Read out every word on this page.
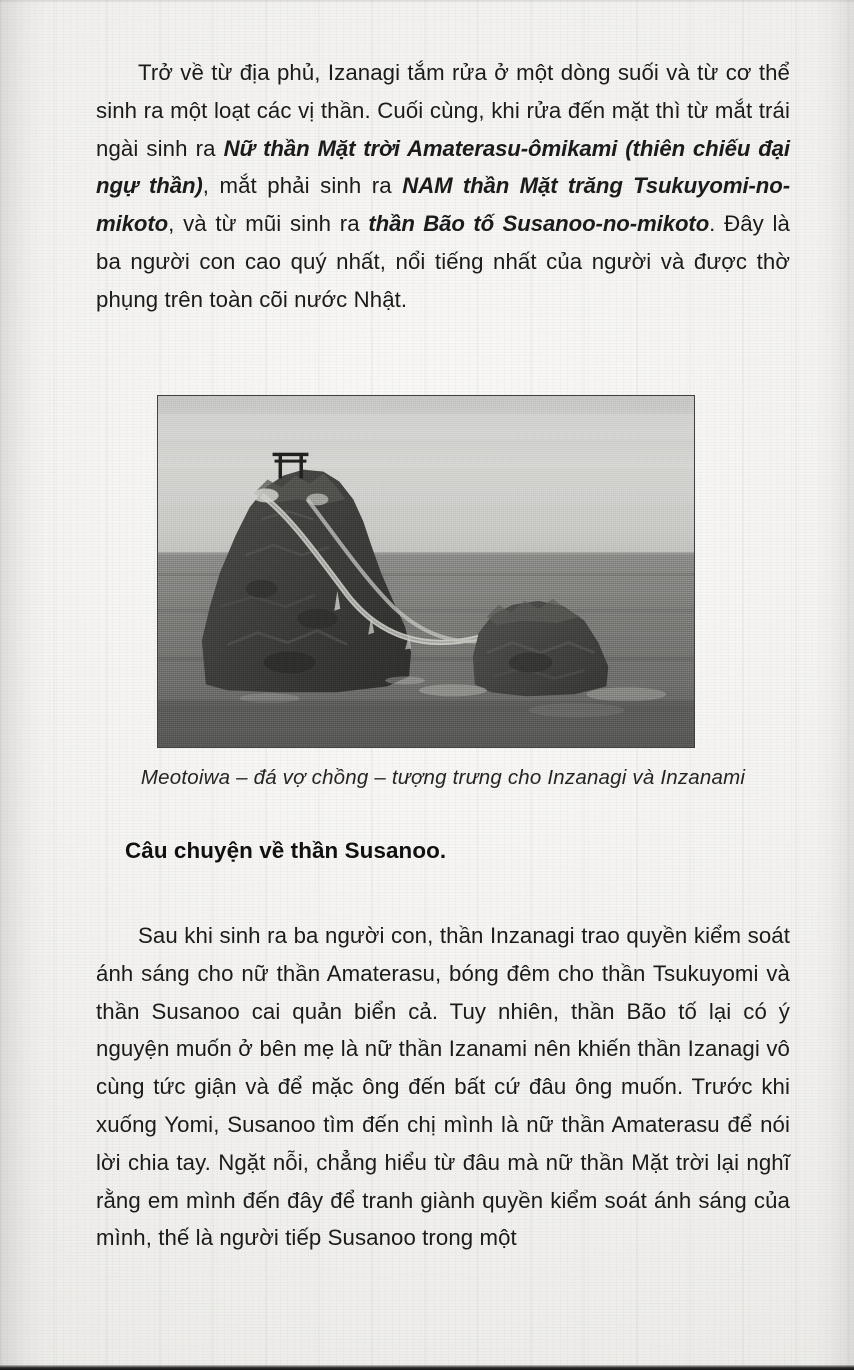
Trở về từ địa phủ, Izanagi tắm rửa ở một dòng suối và từ cơ thể sinh ra một loạt các vị thần. Cuối cùng, khi rửa đến mặt thì từ mắt trái ngài sinh ra Nữ thần Mặt trời Amaterasu-ômikami (thiên chiếu đại ngự thần), mắt phải sinh ra NAM thần Mặt trăng Tsukuyomi-no-mikoto, và từ mũi sinh ra thần Bão tố Susanoo-no-mikoto. Đây là ba người con cao quý nhất, nổi tiếng nhất của người và được thờ phụng trên toàn cõi nước Nhật.

Meotoiwa – đá vợ chồng – tượng trưng cho Inzanagi và Inzanami
Câu chuyện về thần Susanoo.

Sau khi sinh ra ba người con, thần Inzanagi trao quyền kiểm soát ánh sáng cho nữ thần Amaterasu, bóng đêm cho thần Tsukuyomi và thần Susanoo cai quản biển cả. Tuy nhiên, thần Bão tố lại có ý nguyện muốn ở bên mẹ là nữ thần Izanami nên khiến thần Izanagi vô cùng tức giận và để mặc ông đến bất cứ đâu ông muốn. Trước khi xuống Yomi, Susanoo tìm đến chị mình là nữ thần Amaterasu để nói lời chia tay. Ngặt nỗi, chẳng hiểu từ đâu mà nữ thần Mặt trời lại nghĩ rằng em mình đến đây để tranh giành quyền kiểm soát ánh sáng của mình, thế là người tiếp Susanoo trong một
